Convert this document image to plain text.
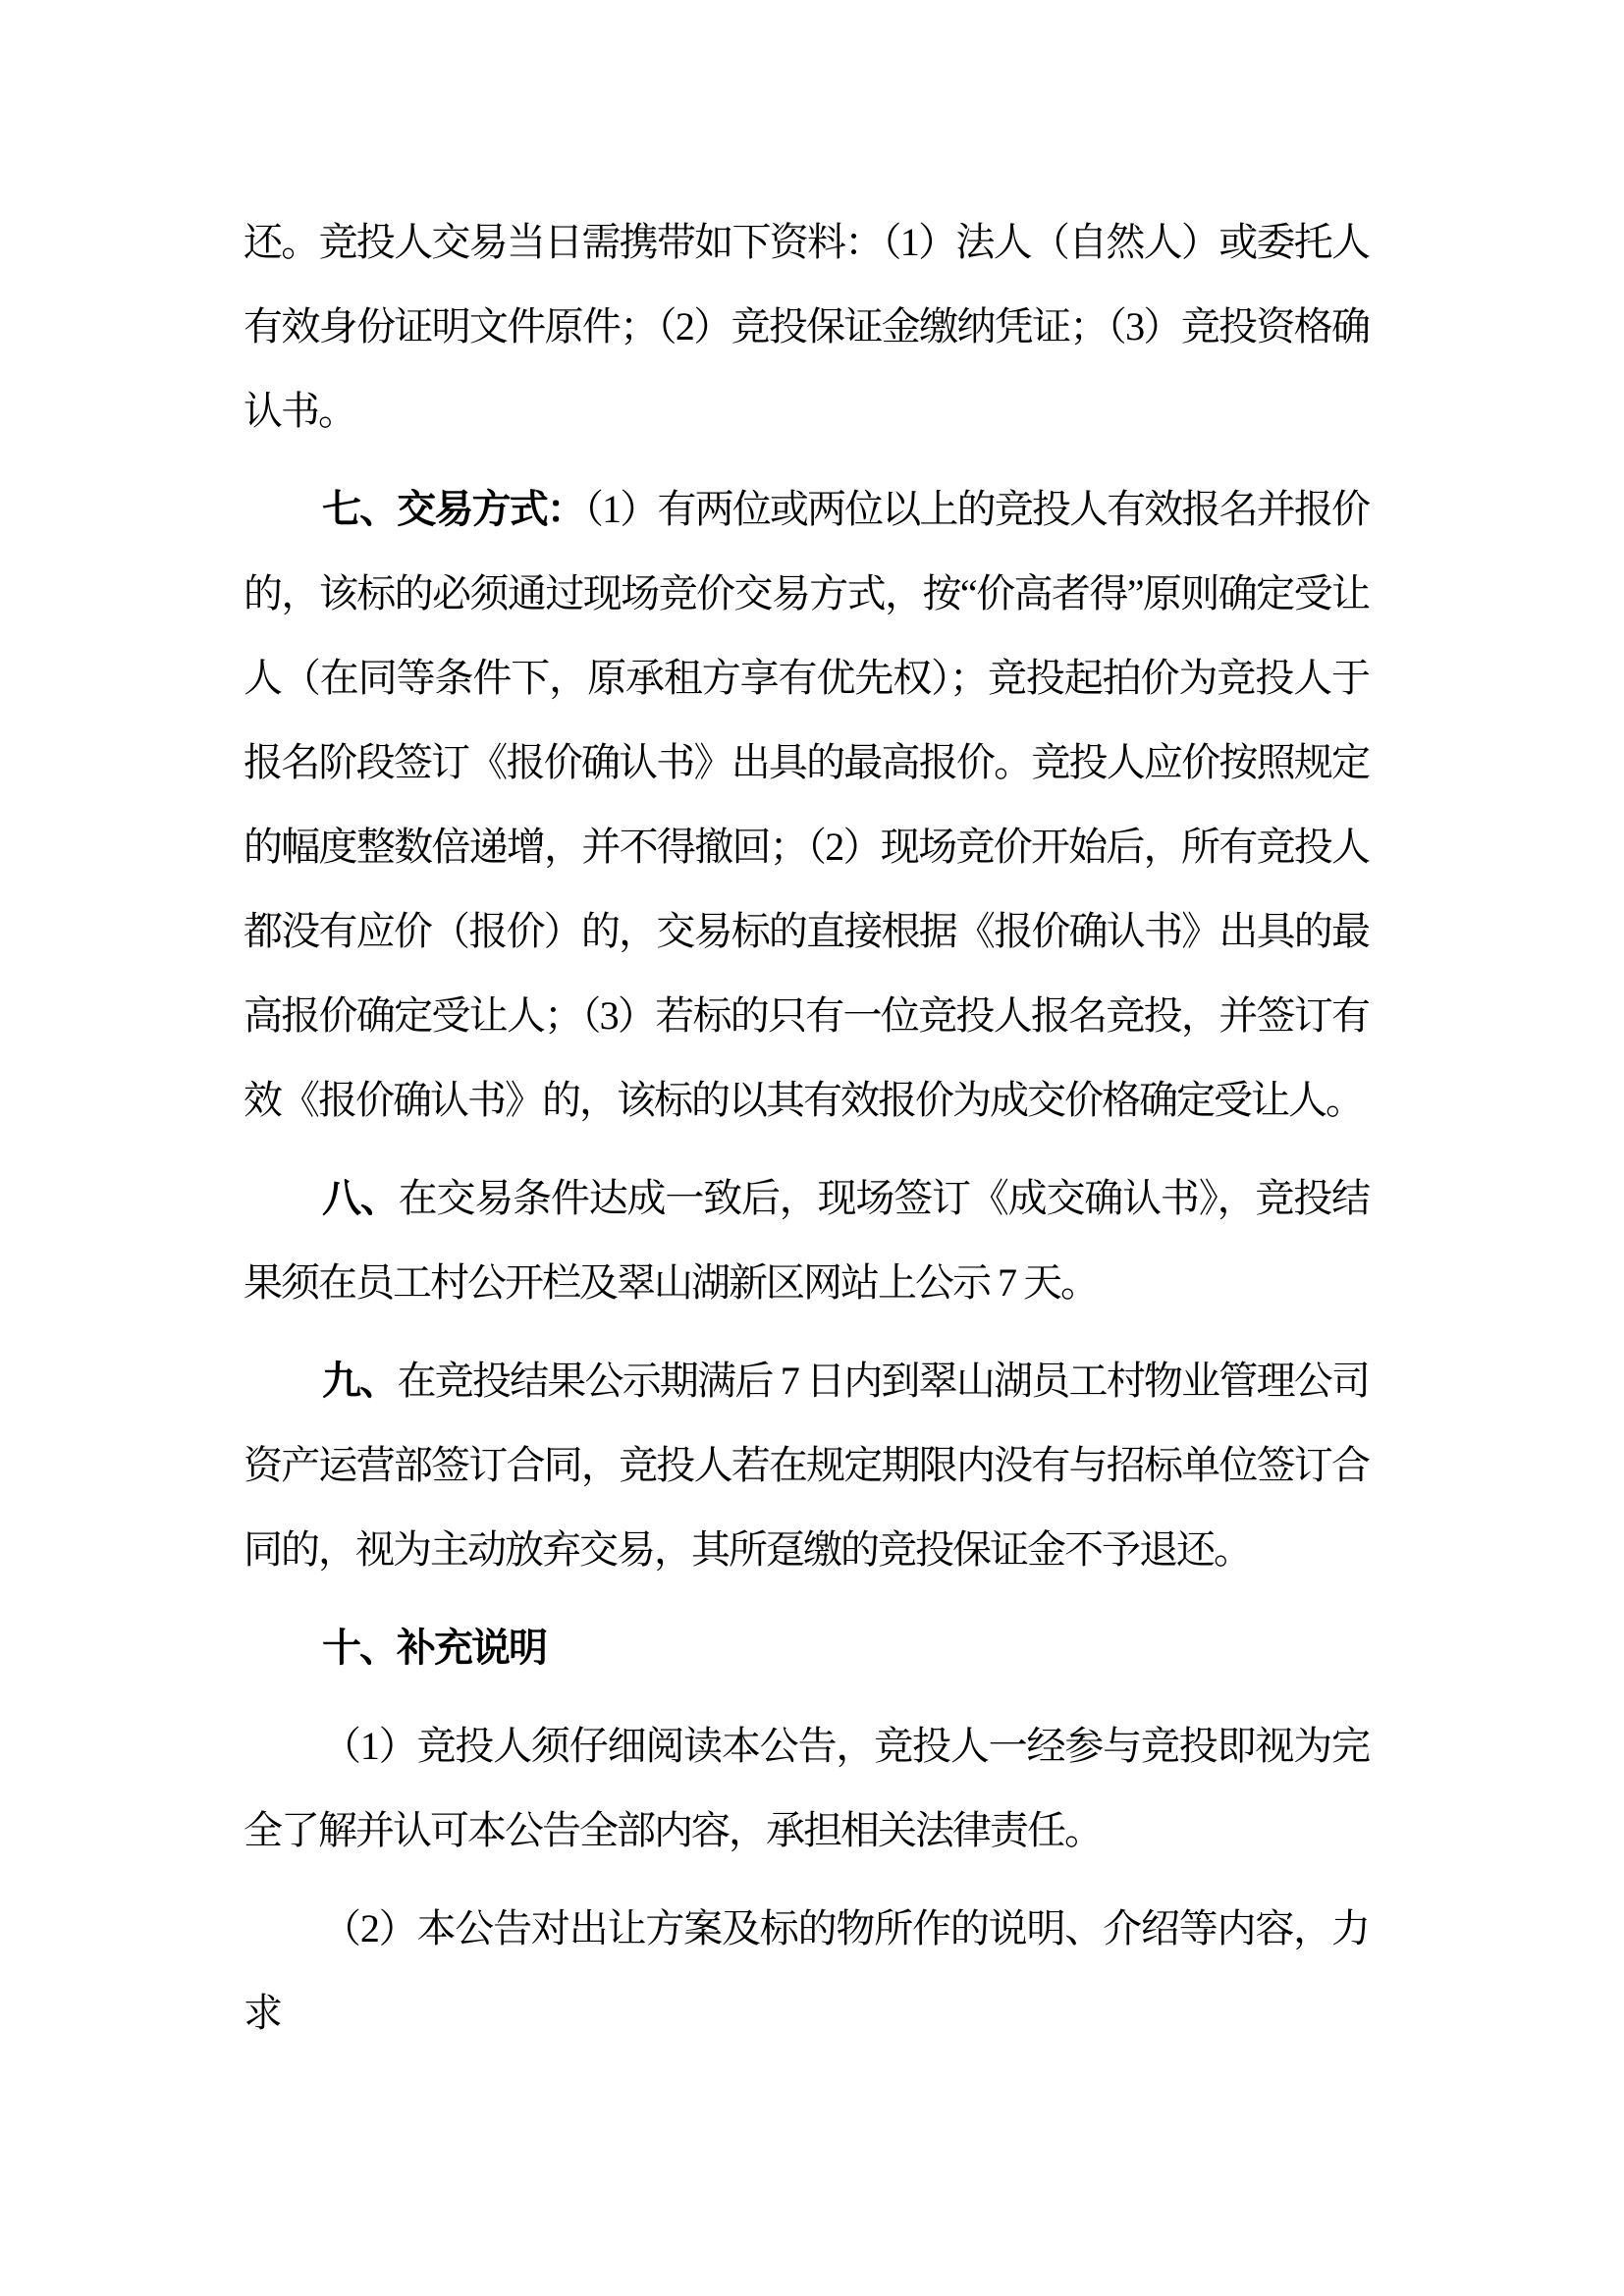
还。竞投人交易当日需携带如下资料：（1）法人（自然人）或委托人有效身份证明文件原件；（2）竞投保证金缴纳凭证；（3）竞投资格确认书。

七、交易方式：（1）有两位或两位以上的竞投人有效报名并报价的，该标的必须通过现场竞价交易方式，按“价高者得”原则确定受让人（在同等条件下，原承租方享有优先权）；竞投起拍价为竞投人于报名阶段签订《报价确认书》出具的最高报价。竞投人应价按照规定的幅度整数倍递增，并不得撤回；（2）现场竞价开始后，所有竞投人都没有应价（报价）的，交易标的直接根据《报价确认书》出具的最高报价确定受让人；（3）若标的只有一位竞投人报名竞投，并签订有效《报价确认书》的，该标的以其有效报价为成交价格确定受让人。

八、在交易条件达成一致后，现场签订《成交确认书》，竞投结果须在员工村公开栏及翠山湖新区网站上公示 7 天。

九、在竞投结果公示期满后 7 日内到翠山湖员工村物业管理公司资产运营部签订合同，竞投人若在规定期限内没有与招标单位签订合同的，视为主动放弃交易，其所趸缴的竞投保证金不予退还。

十、补充说明

（1）竞投人须仔细阅读本公告，竞投人一经参与竞投即视为完全了解并认可本公告全部内容，承担相关法律责任。

（2）本公告对出让方案及标的物所作的说明、介绍等内容，力求
